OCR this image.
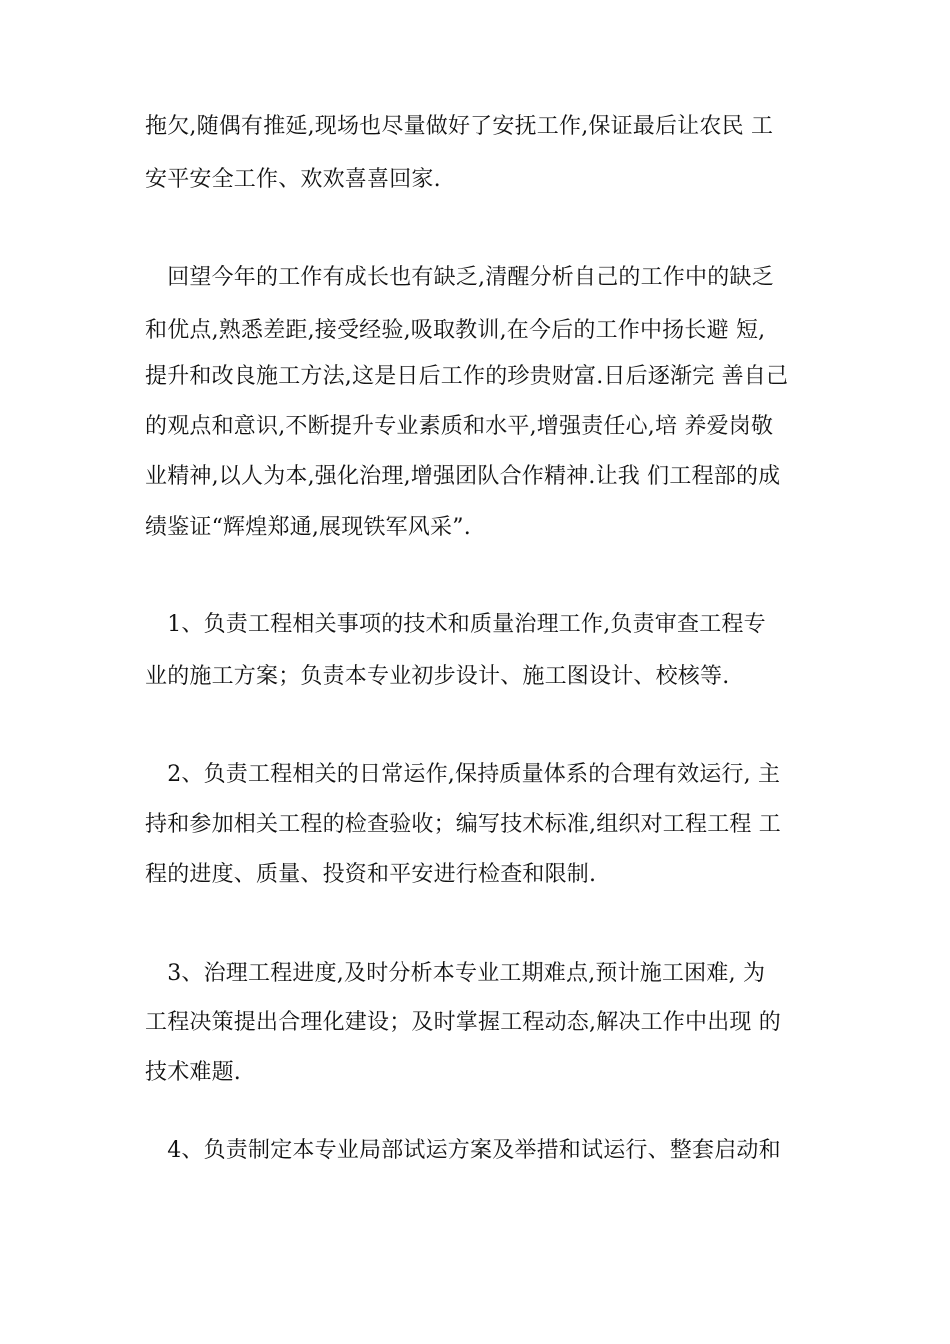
拖欠,随偶有推延,现场也尽量做好了安抚工作,保证最后让农民 工
安平安全工作、欢欢喜喜回家.
　回望今年的工作有成长也有缺乏,清醒分析自己的工作中的缺乏
和优点,熟悉差距,接受经验,吸取教训,在今后的工作中扬长避 短,
提升和改良施工方法,这是日后工作的珍贵财富.日后逐渐完 善自己
的观点和意识,不断提升专业素质和水平,增强责任心,培 养爱岗敬
业精神,以人为本,强化治理,增强团队合作精神.让我 们工程部的成
绩鉴证“辉煌郑通,展现铁军风采”.
　1、负责工程相关事项的技术和质量治理工作,负责审查工程专
业的施工方案；负责本专业初步设计、施工图设计、校核等.
　2、负责工程相关的日常运作,保持质量体系的合理有效运行, 主
持和参加相关工程的检查验收；编写技术标准,组织对工程工程 工
程的进度、质量、投资和平安进行检查和限制.
　3、治理工程进度,及时分析本专业工期难点,预计施工困难, 为
工程决策提出合理化建设；及时掌握工程动态,解决工作中出现 的
技术难题.
　4、负责制定本专业局部试运方案及举措和试运行、整套启动和
